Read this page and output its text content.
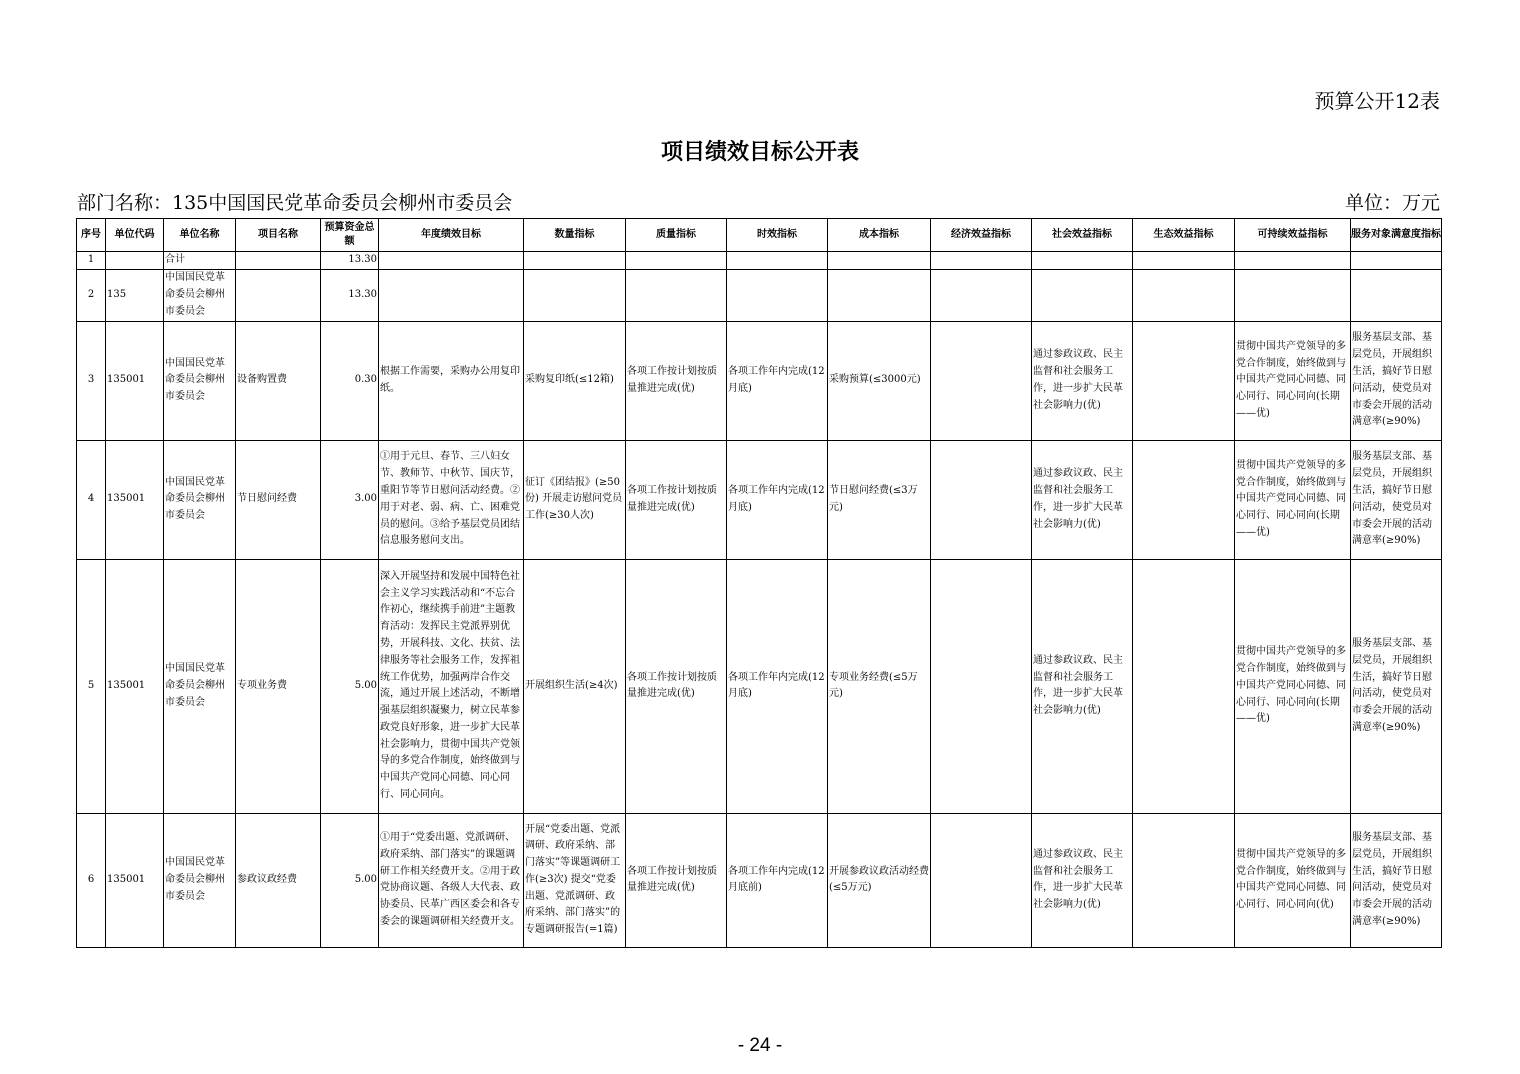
预算公开12表
项目绩效目标公开表
部门名称：135中国国民党革命委员会柳州市委员会	单位：万元
序号	单位代码	单位名称	项目名称	预算资金总额	年度绩效目标	数量指标	质量指标	时效指标	成本指标	经济效益指标	社会效益指标	生态效益指标	可持续效益指标	服务对象满意度指标
1		合计		13.30										
2	135	中国国民党革命委员会柳州市委员会		13.30										
3	135001	中国国民党革命委员会柳州市委员会	设备购置费	0.30	根据工作需要，采购办公用复印纸。	采购复印纸(≤12箱)	各项工作按计划按质量推进完成(优)	各项工作年内完成(12月底)	采购预算(≤3000元)		通过参政议政、民主监督和社会服务工作，进一步扩大民革社会影响力(优)		贯彻中国共产党领导的多党合作制度，始终做到与中国共产党同心同德、同心同行、同心同向(长期——优)	服务基层支部、基层党员，开展组织生活，搞好节日慰问活动，使党员对市委会开展的活动满意率(≥90%)
4	135001	中国国民党革命委员会柳州市委员会	节日慰问经费	3.00	①用于元旦、春节、三八妇女节、教师节、中秋节、国庆节，重阳节等节日慰问活动经费。②用于对老、弱、病、亡、困难党员的慰问。③给予基层党员团结信息服务慰问支出。	征订《团结报》(≥50份) 开展走访慰问党员工作(≥30人次)	各项工作按计划按质量推进完成(优)	各项工作年内完成(12月底)	节日慰问经费(≤3万元)		通过参政议政、民主监督和社会服务工作，进一步扩大民革社会影响力(优)		贯彻中国共产党领导的多党合作制度，始终做到与中国共产党同心同德、同心同行、同心同向(长期——优)	服务基层支部、基层党员，开展组织生活，搞好节日慰问活动，使党员对市委会开展的活动满意率(≥90%)
5	135001	中国国民党革命委员会柳州市委员会	专项业务费	5.00	深入开展坚持和发展中国特色社会主义学习实践活动和“不忘合作初心，继续携手前进”主题教育活动：发挥民主党派界别优势，开展科技、文化、扶贫、法律服务等社会服务工作，发挥祖统工作优势，加强两岸合作交流，通过开展上述活动，不断增强基层组织凝聚力，树立民革参政党良好形象，进一步扩大民革社会影响力，贯彻中国共产党领导的多党合作制度，始终做到与中国共产党同心同德、同心同行、同心同向。	开展组织生活(≥4次)	各项工作按计划按质量推进完成(优)	各项工作年内完成(12月底)	专项业务经费(≤5万元)		通过参政议政、民主监督和社会服务工作，进一步扩大民革社会影响力(优)		贯彻中国共产党领导的多党合作制度，始终做到与中国共产党同心同德、同心同行、同心同向(长期——优)	服务基层支部、基层党员，开展组织生活，搞好节日慰问活动，使党员对市委会开展的活动满意率(≥90%)
6	135001	中国国民党革命委员会柳州市委员会	参政议政经费	5.00	①用于“党委出题、党派调研、政府采纳、部门落实”的课题调研工作相关经费开支。②用于政党协商议题、各级人大代表、政协委员、民革广西区委会和各专委会的课题调研相关经费开支。	开展“党委出题、党派调研、政府采纳、部门落实”等课题调研工作(≥3次) 提交“党委出题、党派调研、政府采纳、部门落实”的专题调研报告(=1篇)	各项工作按计划按质量推进完成(优)	各项工作年内完成(12月底前)	开展参政议政活动经费(≤5万元)		通过参政议政、民主监督和社会服务工作，进一步扩大民革社会影响力(优)		贯彻中国共产党领导的多党合作制度，始终做到与中国共产党同心同德、同心同行、同心同向(优)	服务基层支部、基层党员，开展组织生活，搞好节日慰问活动，使党员对市委会开展的活动满意率(≥90%)
- 24 -
